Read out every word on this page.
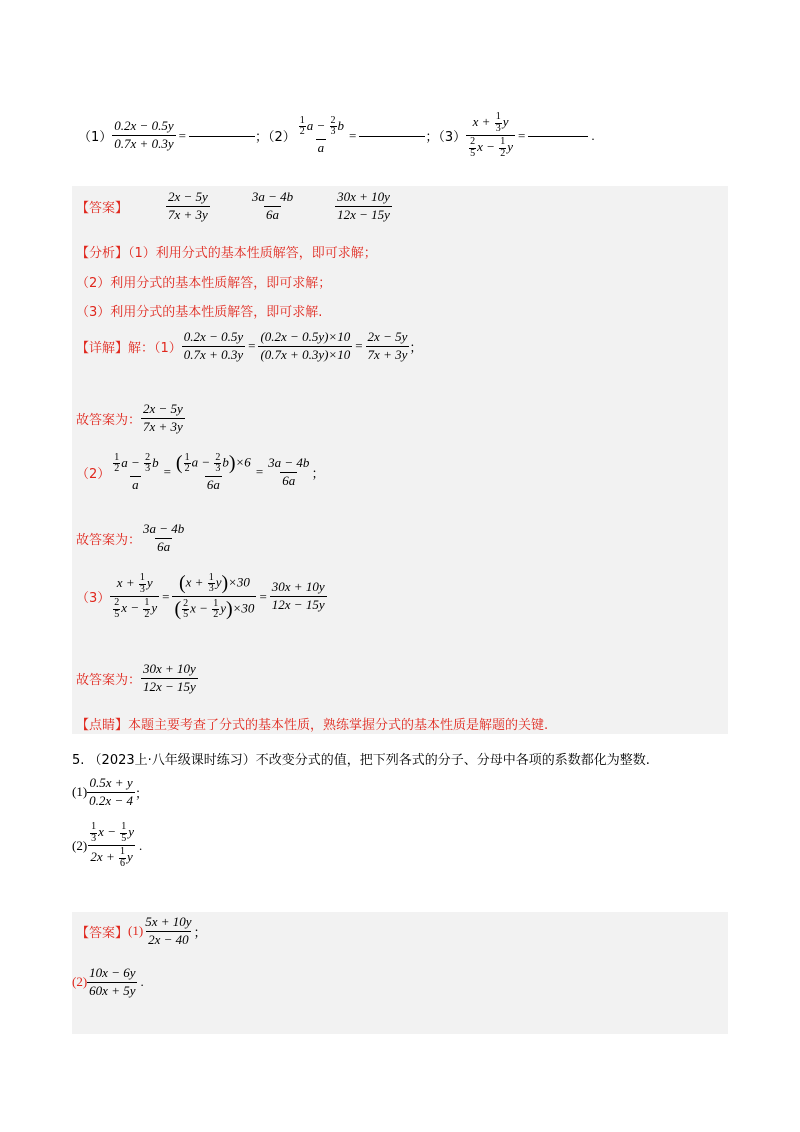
$(1) \frac{0.2x - 0.5y}{0.7x + 0.3y}$ =	；$(2) \frac{\frac{1}{2} a - \frac{2}{3} b}{a}$ =	；$(3) \frac{x + \frac{1}{3} y}{\frac{2}{5} x - \frac{1}{2} y}$ =	.
【答案】	$\frac{2x - 5y}{7x + 3y}$	$\frac{3a - 4b}{6a}$	$\frac{30x + 10y}{12x - 15y}$
【分析】（1）利用分式的基本性质解答，即可求解；
（2）利用分式的基本性质解答，即可求解；
（3）利用分式的基本性质解答，即可求解.
【详解】 解：$(1) \frac{0.2x - 0.5y}{0.7x + 0.3y} = \frac{(0.2x - 0.5y)\times 10}{(0.7x + 0.3y)\times 10} = \frac{2x - 5y}{7x + 3y}$ ；
故答案为： $\frac{2x - 5y}{7x + 3y}$
$(2) \frac{\frac{1}{2} a - \frac{2}{3} b}{a} = \frac{( \frac{1}{2} a - \frac{2}{3} b)\times 6}{6a} = \frac{3a - 4b}{6a}$ ；
故答案为： $\frac{3a - 4b}{6a}$
$(3) \frac{x + \frac{1}{3} y}{\frac{2}{5} x - \frac{1}{2} y} = \frac{(x + \frac{1}{3} y)\times 30}{( \frac{2}{5} x - \frac{1}{2} y)\times 30} = \frac{30x + 10y}{12x - 15y}$
故答案为： $\frac{30x + 10y}{12x - 15y}$
【点睛】本题主要考查了分式的基本性质，熟练掌握分式的基本性质是解题的关键.
5. （2023上·八年级课时练习）不改变分式的值，把下列各式的分子、分母中各项的系数都化为整数.
$(1) \frac{0.5x + y}{0.2x - 4}$ ；
$(2) \frac{\frac{1}{3} x - \frac{1}{5} y}{2x + \frac{1}{6} y}$ .
【答案】 $(1) \frac{5x + 10y}{2x - 40}$ ；
$(2) \frac{10x - 6y}{60x + 5y}$ .
